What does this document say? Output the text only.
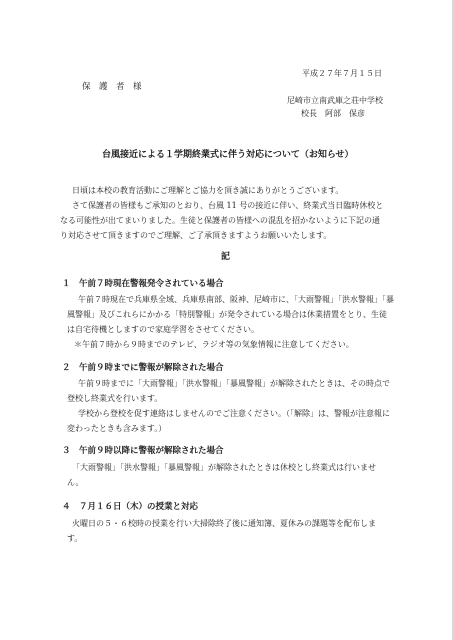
平成２７年７月１５日
保　護　者　様
尼崎市立南武庫之荘中学校
校長　阿部　保彦
台風接近による１学期終業式に伴う対応について（お知らせ）
日頃は本校の教育活動にご理解とご協力を頂き誠にありがとうございます。
さて保護者の皆様もご承知のとおり、台風 11 号の接近に伴い、終業式当日臨時休校と
なる可能性が出てまいりました。生徒と保護者の皆様への混乱を招かないように下記の通
り対応させて頂きますのでご理解、ご了承頂きますようお願いいたします。
記
１　午前７時現在警報発令されている場合
午前７時現在で兵庫県全域、兵庫県南部、阪神、尼崎市に、「大雨警報」「洪水警報」「暴
風警報」及びこれらにかかる「特別警報」が発令されている場合は休業措置をとり、生徒
は自宅待機としますので家庭学習をさせてください。
＊午前７時から９時までのテレビ、ラジオ等の気象情報に注意してください。
２　午前９時までに警報が解除された場合
午前９時までに「大雨警報」「洪水警報」「暴風警報」が解除されたときは、その時点で
登校し終業式を行います。
学校から登校を促す連絡はしませんのでご注意ください。（「解除」は、警報が注意報に
変わったときも含みます。）
３　午前９時以降に警報が解除された場合
「大雨警報」「洪水警報」「暴風警報」が解除されたときは休校とし終業式は行いませ
ん。
４　７月１６日（木）の授業と対応
火曜日の５・６校時の授業を行い大掃除終了後に通知簿、夏休みの課題等を配布しま
す。
